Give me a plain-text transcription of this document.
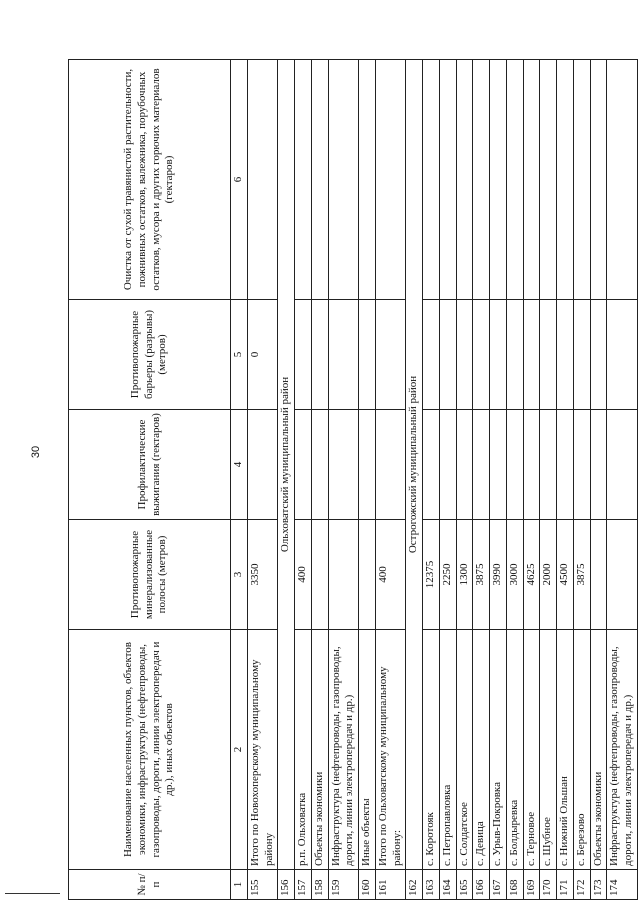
30
№ п/п	Наименование населенных пунктов, объектов экономики, инфраструктуры (нефтепроводы, газопроводы, дороги, линии электропередач и др.), иных объектов	Противопожарные минерализованные полосы (метров)	Профилактические выжигания (гектаров)	Противопожарные барьеры (разрывы) (метров)	Очистка от сухой травянистой растительности, пожнивных остатков, валежника, порубочных остатков, мусора и других горючих материалов (гектаров)
1	2	3	4	5	6
155	Итого по Новохоперскому муниципальному району	3350		0	
156	Ольховатский муниципальный район				
157	р.п. Ольховатка	400			
158	Объекты экономики				
159	Инфраструктура (нефтепроводы, газопроводы, дороги, линии электропередач и др.)				
160	Иные объекты				
161	Итого по Ольховатскому муниципальному району:	400			
162	Острогожский муниципальный район				
163	с. Коротояк	12375			
164	с. Петропавловка	2250			
165	с. Солдатское	1300			
166	с. Девица	3875			
167	с. Урыв-Покровка	3990			
168	с. Болдыревка	3000			
169	с. Терновое	4625			
170	с. Шубное	2000			
171	с. Нижний Ольшан	4500			
172	с. Березово	3875			
173	Объекты экономики				
174	Инфраструктура (нефтепроводы, газопроводы, дороги, линии электропередач и др.)				
